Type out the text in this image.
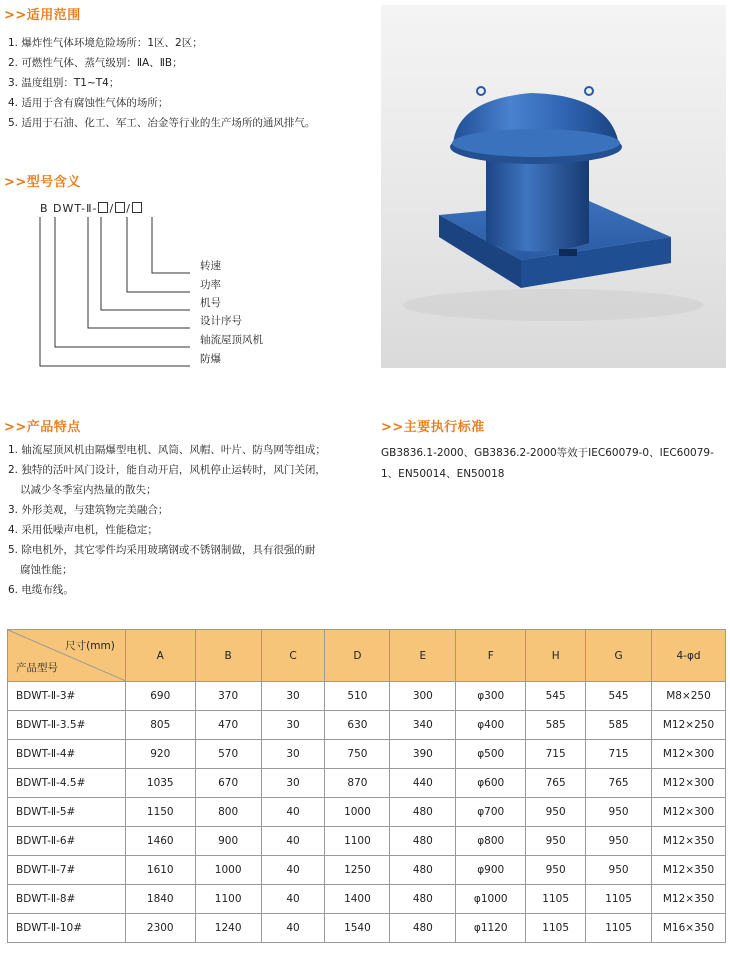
>>适用范围
1. 爆炸性气体环境危险场所：1区、2区；
2. 可燃性气体、蒸气级别：ⅡA、ⅡB；
3. 温度组别：T1~T4；
4. 适用于含有腐蚀性气体的场所；
5. 适用于石油、化工、军工、冶金等行业的生产场所的通风排气。
>>型号含义
B DWT-Ⅱ- / /
转速
功率
机号
设计序号
轴流屋顶风机
防爆
>>产品特点
1. 轴流屋顶风机由隔爆型电机、风筒、风帽、叶片、防鸟网等组成；
2. 独特的活叶风门设计，能自动开启，风机停止运转时，风门关闭，
以减少冬季室内热量的散失；
3. 外形美观，与建筑物完美融合；
4. 采用低噪声电机，性能稳定；
5. 除电机外，其它零件均采用玻璃钢或不锈钢制做，具有很强的耐
腐蚀性能；
6. 电缆布线。
>>主要执行标准
GB3836.1-2000、GB3836.2-2000等效于IEC60079-0、IEC60079-1、EN50014、EN50018
尺寸(mm)
产品型号	A	B	C	D	E	F	H	G	4-φd
BDWT-Ⅱ-3#	690	370	30	510	300	φ300	545	545	M8×250
BDWT-Ⅱ-3.5#	805	470	30	630	340	φ400	585	585	M12×250
BDWT-Ⅱ-4#	920	570	30	750	390	φ500	715	715	M12×300
BDWT-Ⅱ-4.5#	1035	670	30	870	440	φ600	765	765	M12×300
BDWT-Ⅱ-5#	1150	800	40	1000	480	φ700	950	950	M12×300
BDWT-Ⅱ-6#	1460	900	40	1100	480	φ800	950	950	M12×350
BDWT-Ⅱ-7#	1610	1000	40	1250	480	φ900	950	950	M12×350
BDWT-Ⅱ-8#	1840	1100	40	1400	480	φ1000	1105	1105	M12×350
BDWT-Ⅱ-10#	2300	1240	40	1540	480	φ1120	1105	1105	M16×350
